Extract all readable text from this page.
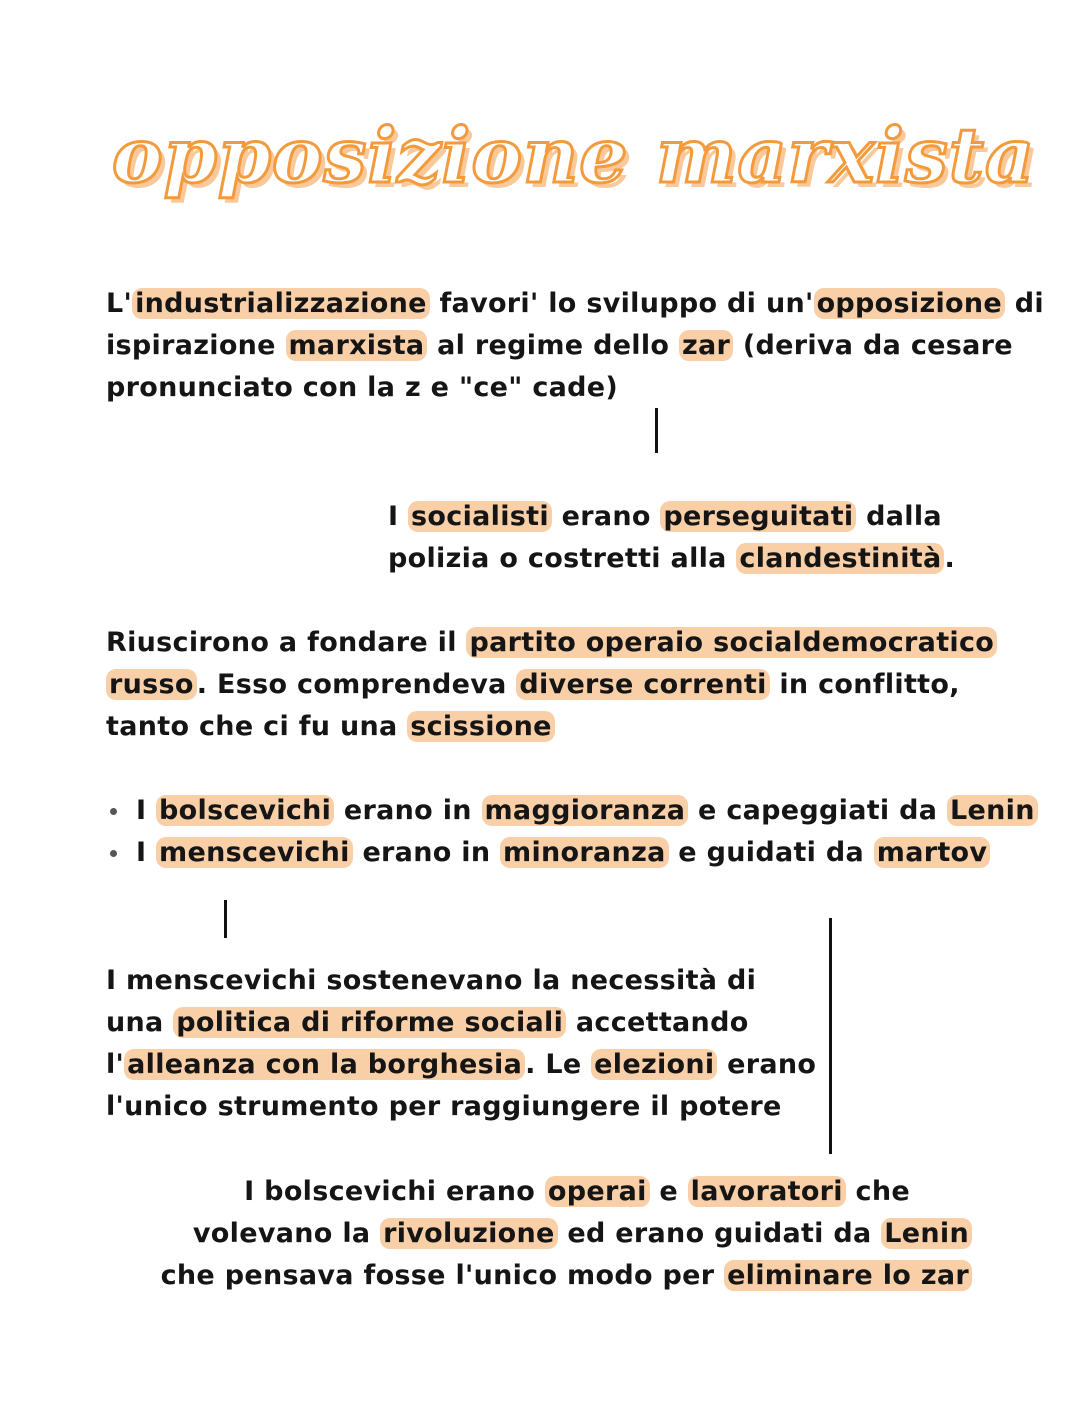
opposizione marxista
L' industrializzazione favori' lo sviluppo di un' opposizione di
ispirazione marxista al regime dello zar (deriva da cesare
pronunciato con la z e "ce" cade)
I socialisti erano perseguitati dalla
polizia o costretti alla clandestinità .
Riuscirono a fondare il partito operaio socialdemocratico
russo . Esso comprendeva diverse correnti in conflitto,
tanto che ci fu una scissione
I bolscevichi erano in maggioranza e capeggiati da Lenin
I menscevichi erano in minoranza e guidati da martov
I menscevichi sostenevano la necessità di
una politica di riforme sociali accettando
l' alleanza con la borghesia . Le elezioni erano
l'unico strumento per raggiungere il potere
I bolscevichi erano operai e lavoratori che
volevano la rivoluzione ed erano guidati da Lenin
che pensava fosse l'unico modo per eliminare lo zar
